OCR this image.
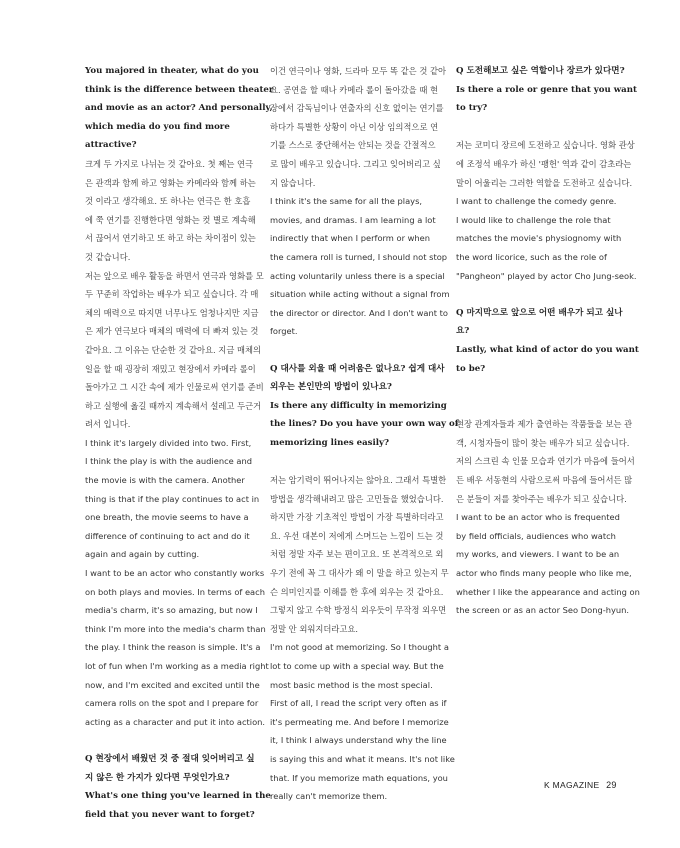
You majored in theater, what do you
think is the difference between theater
and movie as an actor? And personally,
which media do you find more
attractive?
크게 두 가지로 나뉘는 것 같아요. 첫 째는 연극
은 관객과 함께 하고 영화는 카메라와 함께 하는
것 이라고 생각해요. 또 하나는 연극은 한 호흡
에 쭉 연기를 진행한다면 영화는 컷 별로 계속해
서 끊어서 연기하고 또 하고 하는 차이점이 있는
것 같습니다.
저는 앞으로 배우 활동을 하면서 연극과 영화를 모
두 꾸준히 작업하는 배우가 되고 싶습니다. 각 매
체의 매력으로 따지면 너무나도 엄청나지만 지금
은 제가 연극보다 매체의 매력에 더 빠져 있는 것
같아요. 그 이유는 단순한 것 같아요. 지금 매체의
일을 할 때 굉장히 재밌고 현장에서 카메라 롤이
돌아가고 그 시간 속에 제가 인물로써 연기를 준비
하고 실행에 옮길 때까지 계속해서 설레고 두근거
려서 입니다.
I think it's largely divided into two. First,
I think the play is with the audience and
the movie is with the camera. Another
thing is that if the play continues to act in
one breath, the movie seems to have a
difference of continuing to act and do it
again and again by cutting.
I want to be an actor who constantly works
on both plays and movies. In terms of each
media's charm, it's so amazing, but now I
think I'm more into the media's charm than
the play. I think the reason is simple. It's a
lot of fun when I'm working as a media right
now, and I'm excited and excited until the
camera rolls on the spot and I prepare for
acting as a character and put it into action.
Q 현장에서 배웠던 것 중 절대 잊어버리고 싶
지 않은 한 가지가 있다면 무엇인가요?
What's one thing you've learned in the
field that you never want to forget?
이건 연극이나 영화, 드라마 모두 똑 같은 것 같아
요. 공연을 할 때나 카메라 롤이 돌아갔을 때 현
장에서 감독님이나 연출자의 신호 없이는 연기를
하다가 특별한 상황이 아닌 이상 임의적으로 연
기를 스스로 중단해서는 안되는 것을 간절적으
로 많이 배우고 있습니다. 그리고 잊어버리고 싶
지 않습니다.
I think it's the same for all the plays,
movies, and dramas. I am learning a lot
indirectly that when I perform or when
the camera roll is turned, I should not stop
acting voluntarily unless there is a special
situation while acting without a signal from
the director or director. And I don't want to
forget.
Q 대사를 외울 때 어려움은 없나요? 쉽게 대사
외우는 본인만의 방법이 있나요?
Is there any difficulty in memorizing
the lines? Do you have your own way of
memorizing lines easily?
저는 암기력이 뛰어나지는 않아요. 그래서 특별한
방법을 생각해내려고 많은 고민들을 했었습니다.
하지만 가장 기초적인 방법이 가장 특별하더라고
요. 우선 대본이 저에게 스며드는 느낌이 드는 것
처럼 정말 자주 보는 편이고요. 또 본격적으로 외
우기 전에 꼭 그 대사가 왜 이 말을 하고 있는지 무
슨 의미인지를 이해를 한 후에 외우는 것 같아요.
그렇지 않고 수학 방정식 외우듯이 무작정 외우면
정말 안 외워지더라고요.
I'm not good at memorizing. So I thought a
lot to come up with a special way. But the
most basic method is the most special.
First of all, I read the script very often as if
it's permeating me. And before I memorize
it, I think I always understand why the line
is saying this and what it means. It's not like
that. If you memorize math equations, you
really can't memorize them.
Q 도전해보고 싶은 역할이나 장르가 있다면?
Is there a role or genre that you want
to try?
저는 코미디 장르에 도전하고 싶습니다. 영화 관상
에 조정석 배우가 하신 '팽헌' 역과 같이 감초라는
말이 어울리는 그러한 역할을 도전하고 싶습니다.
I want to challenge the comedy genre.
I would like to challenge the role that
matches the movie's physiognomy with
the word licorice, such as the role of
"Pangheon" played by actor Cho Jung-seok.
Q 마지막으로 앞으로 어떤 배우가 되고 싶나
요?
Lastly, what kind of actor do you want
to be?
현장 관계자들과 제가 출연하는 작품들을 보는 관
객, 시청자들이 많이 찾는 배우가 되고 싶습니다.
저의 스크린 속 인물 모습과 연기가 마음에 들어서
든 배우 서동현의 사람으로써 마음에 들어서든 많
은 분들이 저를 찾아주는 배우가 되고 싶습니다.
I want to be an actor who is frequented
by field officials, audiences who watch
my works, and viewers. I want to be an
actor who finds many people who like me,
whether I like the appearance and acting on
the screen or as an actor Seo Dong-hyun.
K MAGAZINE 29
